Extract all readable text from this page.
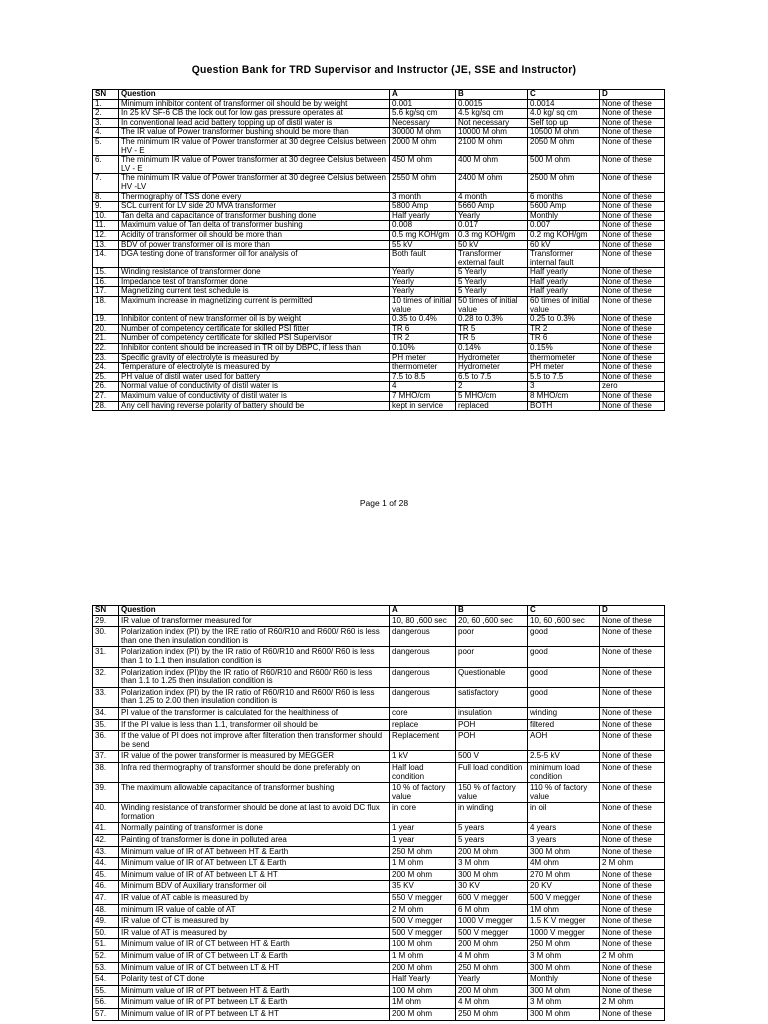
Question Bank for TRD Supervisor and Instructor (JE, SSE and Instructor)
SN	Question	A	B	C	D
1.	Minimum inhibitor content of transformer oil should be by weight	0.001	0.0015	0.0014	None of these
2.	In 25 kV SF-6 CB the lock out for low gas pressure operates at	5.6 kg/sq cm	4.5 kg/sq cm	4.0 kg/ sq cm	None of these
3.	In conventional lead acid battery topping up of distil water is	Necessary	Not necessary	Self top up	None of these
4.	The IR value of Power transformer bushing should be more than	30000 M ohm	10000 M ohm	10500 M ohm	None of these
5.	The minimum IR value of Power transformer at 30 degree Celsius between HV - E	2000 M ohm	2100 M ohm	2050 M ohm	None of these
6.	The minimum IR value of Power transformer at 30 degree Celsius between LV - E	450 M ohm	400 M ohm	500 M ohm	None of these
7.	The minimum IR value of Power transformer at 30 degree Celsius between HV -LV	2550 M ohm	2400 M ohm	2500 M ohm	None of these
8.	Thermography of TSS done every	3 month	4 month	6 months	None of these
9.	SCL current for LV side 20 MVA transformer	5800 Amp	5660 Amp	5600 Amp	None of these
10.	Tan delta and capacitance of transformer bushing done	Half yearly	Yearly	Monthly	None of these
11.	Maximum value of Tan delta of transformer bushing	0.008	0.017	0.007	None of these
12.	Acidity of transformer oil should be more than	0.5 mg KOH/gm	0.3 mg KOH/gm	0.2 mg KOH/gm	None of these
13.	BDV of power transformer oil is more than	55 kV	50 kV	60 kV	None of these
14.	DGA testing done of transformer oil for analysis of	Both fault	Transformer external fault	Transformer internal fault	None of these
15.	Winding resistance of transformer done	Yearly	5 Yearly	Half yearly	None of these
16.	Impedance test of transformer done	Yearly	5 Yearly	Half yearly	None of these
17.	Magnetizing current test schedule is	Yearly	5 Yearly	Half yearly	None of these
18.	Maximum increase in magnetizing current is permitted	10 times of initial value	50 times of initial value	60 times of initial value	None of these
19.	Inhibitor content of new transformer oil is by weight	0.35 to 0.4%	0.28 to 0.3%	0.25 to 0.3%	None of these
20.	Number of competency certificate for skilled PSI fitter	TR 6	TR 5	TR 2	None of these
21.	Number of competency certificate for skilled PSI Supervisor	TR 2	TR 5	TR 6	None of these
22.	Inhibitor content should be increased in TR oil by DBPC, if less than	0.10%	0.14%	0.15%	None of these
23.	Specific gravity of electrolyte is measured by	PH meter	Hydrometer	thermometer	None of these
24.	Temperature of electrolyte is measured by	thermometer	Hydrometer	PH meter	None of these
25.	PH value of distil water used for battery	7.5 to 8.5	6.5 to 7.5	5.5 to 7.5	None of these
26.	Normal value of conductivity of distil water is	4	2	3	zero
27.	Maximum value of conductivity of distil water is	7 MHO/cm	5 MHO/cm	8 MHO/cm	None of these
28.	Any cell having reverse polarity of battery should be	kept in service	replaced	BOTH	None of these
Page 1 of 28
SN	Question	A	B	C	D
29.	IR value of transformer measured for	10, 80 ,600 sec	20, 60 ,600 sec	10, 60 ,600 sec	None of these
30.	Polarization index (PI) by the IRE ratio of R60/R10 and R600/ R60 is less than one then insulation condition is	dangerous	poor	good	None of these
31.	Polarization index (PI) by the IR ratio of R60/R10 and R600/ R60 is less than 1 to 1.1 then insulation condition is	dangerous	poor	good	None of these
32.	Polarization index (PI)by the IR ratio of R60/R10 and R600/ R60 is less than 1.1 to 1.25 then insulation condition is	dangerous	Questionable	good	None of these
33.	Polarization index (PI) by the IR ratio of R60/R10 and R600/ R60 is less than 1.25 to 2.00 then insulation condition is	dangerous	satisfactory	good	None of these
34.	PI value of the transformer is calculated for the healthiness of	core	insulation	winding	None of these
35.	If the PI value is less than 1.1, transformer oil should be	replace	POH	filtered	None of these
36.	If the value of PI does not improve after filteration then transformer should be send	Replacement	POH	AOH	None of these
37.	IR value of the power transformer is measured by MEGGER	1 kV	500 V	2.5-5 kV	None of these
38.	Infra red thermography of transformer should be done preferably on	Half load condition	Full load condition	minimum load condition	None of these
39.	The maximum allowable capacitance of transformer bushing	10 % of factory value	150 % of factory value	110 % of factory value	None of these
40.	Winding resistance of transformer should be done at last to avoid DC flux formation	in core	in winding	in oil	None of these
41.	Normally painting of transformer is done	1 year	5 years	4 years	None of these
42.	Painting of transformer is done in polluted area	1 year	5 years	3 years	None of these
43.	Minimum value of IR of AT between HT & Earth	250 M ohm	200 M ohm	300 M ohm	None of these
44.	Minimum value of IR of AT between LT & Earth	1 M ohm	3 M ohm	4M ohm	2 M ohm
45.	Minimum value of IR of AT between LT & HT	200 M ohm	300 M ohm	270 M ohm	None of these
46.	Minimum BDV of Auxiliary transformer oil	35 KV	30 KV	20 KV	None of these
47.	IR value of AT cable is measured by	550 V megger	600 V megger	500 V megger	None of these
48.	minimum IR value of cable of AT	2 M ohm	6 M ohm	1M ohm	None of these
49.	IR value of CT is measured by	500 V megger	1000 V megger	1.5 K V megger	None of these
50.	IR value of AT is measured by	500 V megger	500 V megger	1000 V megger	None of these
51.	Minimum value of IR of CT between HT & Earth	100 M ohm	200 M ohm	250 M ohm	None of these
52.	Minimum value of IR of CT between LT & Earth	1 M ohm	4 M ohm	3 M ohm	2 M ohm
53.	Minimum value of IR of CT between LT & HT	200 M ohm	250 M ohm	300 M ohm	None of these
54.	Polarity test of CT done	Half Yearly	Yearly	Monthly	None of these
55.	Minimum value of IR of PT between HT & Earth	100 M ohm	200 M ohm	300 M ohm	None of these
56.	Minimum value of IR of PT between LT & Earth	1M ohm	4 M ohm	3 M ohm	2 M ohm
57.	Minimum value of IR of PT between LT & HT	200 M ohm	250 M ohm	300 M ohm	None of these
